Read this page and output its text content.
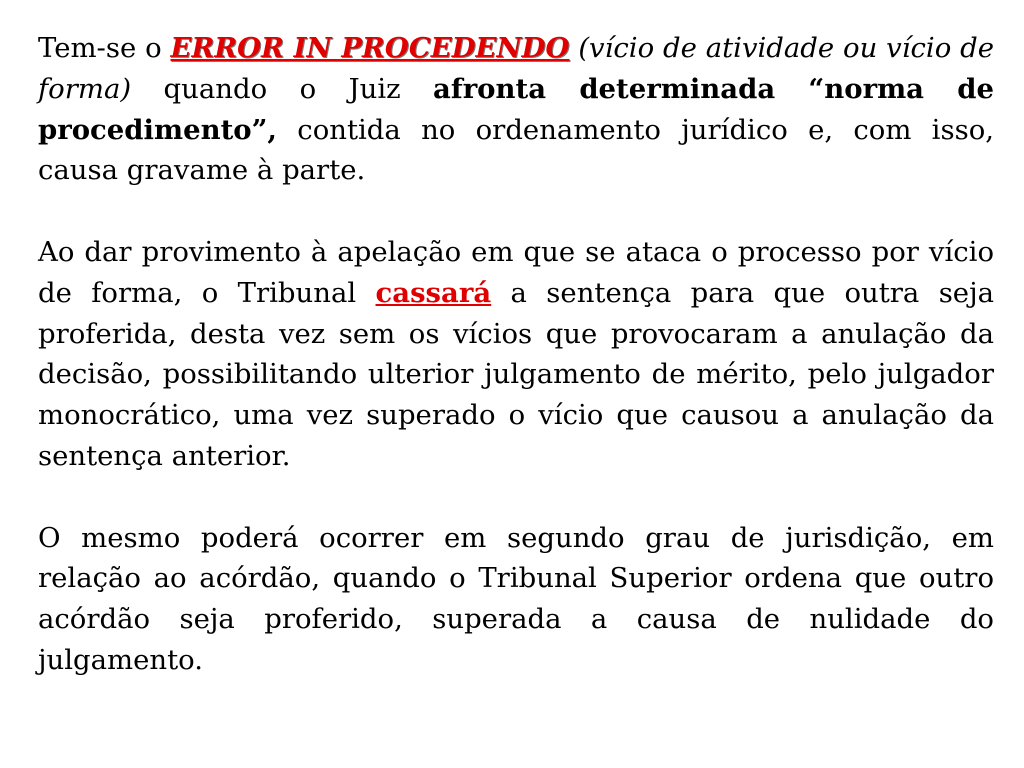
Tem-se o ERROR IN PROCEDENDO (vício de atividade ou vício de forma) quando o Juiz afronta determinada “norma de procedimento”, contida no ordenamento jurídico e, com isso, causa gravame à parte.

Ao dar provimento à apelação em que se ataca o processo por vício de forma, o Tribunal cassará a sentença para que outra seja proferida, desta vez sem os vícios que provocaram a anulação da decisão, possibilitando ulterior julgamento de mérito, pelo julgador monocrático, uma vez superado o vício que causou a anulação da sentença anterior.

O mesmo poderá ocorrer em segundo grau de jurisdição, em relação ao acórdão, quando o Tribunal Superior ordena que outro acórdão seja proferido, superada a causa de nulidade do julgamento.
